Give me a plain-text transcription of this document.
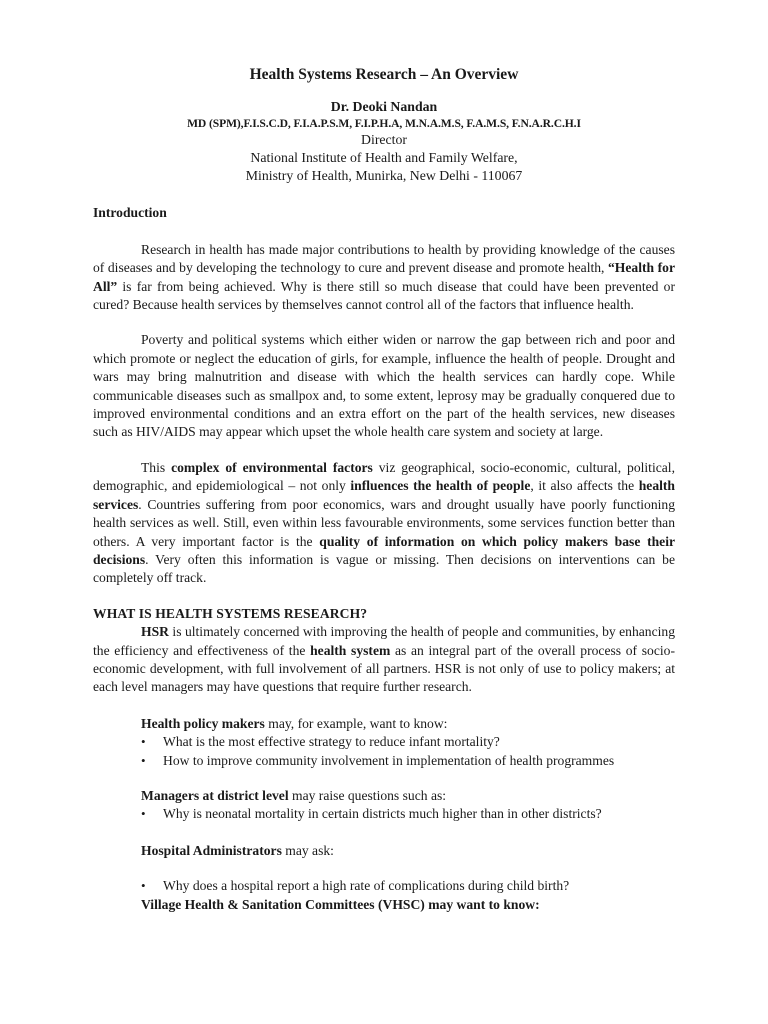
Health Systems Research – An Overview
Dr. Deoki Nandan
MD (SPM),F.I.S.C.D, F.I.A.P.S.M, F.I.P.H.A, M.N.A.M.S, F.A.M.S, F.N.A.R.C.H.I
Director
National Institute of Health and Family Welfare,
Ministry of Health, Munirka, New Delhi - 110067
Introduction

Research in health has made major contributions to health by providing knowledge of the causes of diseases and by developing the technology to cure and prevent disease and promote health, “Health for All” is far from being achieved. Why is there still so much disease that could have been prevented or cured? Because health services by themselves cannot control all of the factors that influence health.

Poverty and political systems which either widen or narrow the gap between rich and poor and which promote or neglect the education of girls, for example, influence the health of people. Drought and wars may bring malnutrition and disease with which the health services can hardly cope. While communicable diseases such as smallpox and, to some extent, leprosy may be gradually conquered due to improved environmental conditions and an extra effort on the part of the health services, new diseases such as HIV/AIDS may appear which upset the whole health care system and society at large.

This complex of environmental factors viz geographical, socio-economic, cultural, political, demographic, and epidemiological – not only influences the health of people, it also affects the health services. Countries suffering from poor economics, wars and drought usually have poorly functioning health services as well. Still, even within less favourable environments, some services function better than others. A very important factor is the quality of information on which policy makers base their decisions. Very often this information is vague or missing. Then decisions on interventions can be completely off track.

WHAT IS HEALTH SYSTEMS RESEARCH?

HSR is ultimately concerned with improving the health of people and communities, by enhancing the efficiency and effectiveness of the health system as an integral part of the overall process of socio-economic development, with full involvement of all partners. HSR is not only of use to policy makers; at each level managers may have questions that require further research.

Health policy makers may, for example, want to know:
• What is the most effective strategy to reduce infant mortality?
• How to improve community involvement in implementation of health programmes
Managers at district level may raise questions such as:
• Why is neonatal mortality in certain districts much higher than in other districts?
Hospital Administrators may ask:
• Why does a hospital report a high rate of complications during child birth?
Village Health & Sanitation Committees (VHSC) may want to know:
